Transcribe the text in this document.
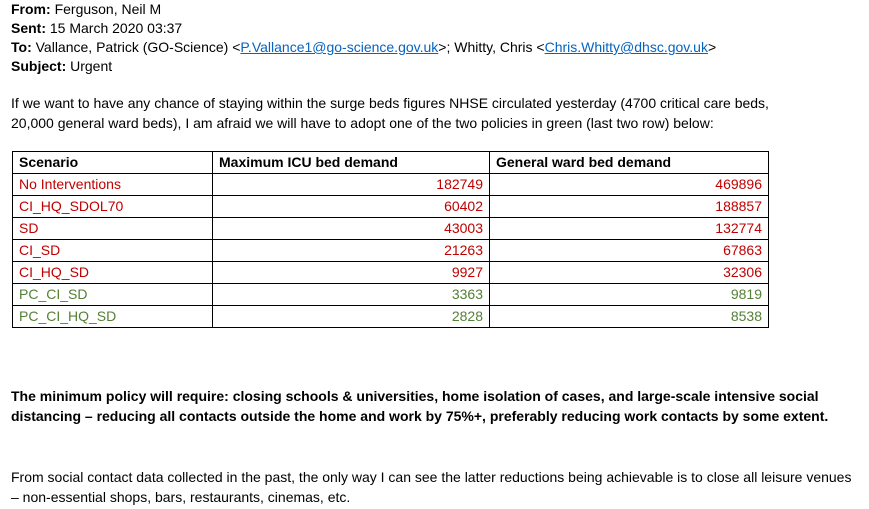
From: Ferguson, Neil M
Sent: 15 March 2020 03:37
To: Vallance, Patrick (GO-Science) <P.Vallance1@go-science.gov.uk>; Whitty, Chris <Chris.Whitty@dhsc.gov.uk>
Subject: Urgent
If we want to have any chance of staying within the surge beds figures NHSE circulated yesterday (4700 critical care beds, 20,000 general ward beds), I am afraid we will have to adopt one of the two policies in green (last two row) below:
Scenario	Maximum ICU bed demand	General ward bed demand
No Interventions	182749	469896
CI_HQ_SDOL70	60402	188857
SD	43003	132774
CI_SD	21263	67863
CI_HQ_SD	9927	32306
PC_CI_SD	3363	9819
PC_CI_HQ_SD	2828	8538
The minimum policy will require: closing schools & universities, home isolation of cases, and large-scale intensive social distancing – reducing all contacts outside the home and work by 75%+, preferably reducing work contacts by some extent.
From social contact data collected in the past, the only way I can see the latter reductions being achievable is to close all leisure venues – non-essential shops, bars, restaurants, cinemas, etc.
